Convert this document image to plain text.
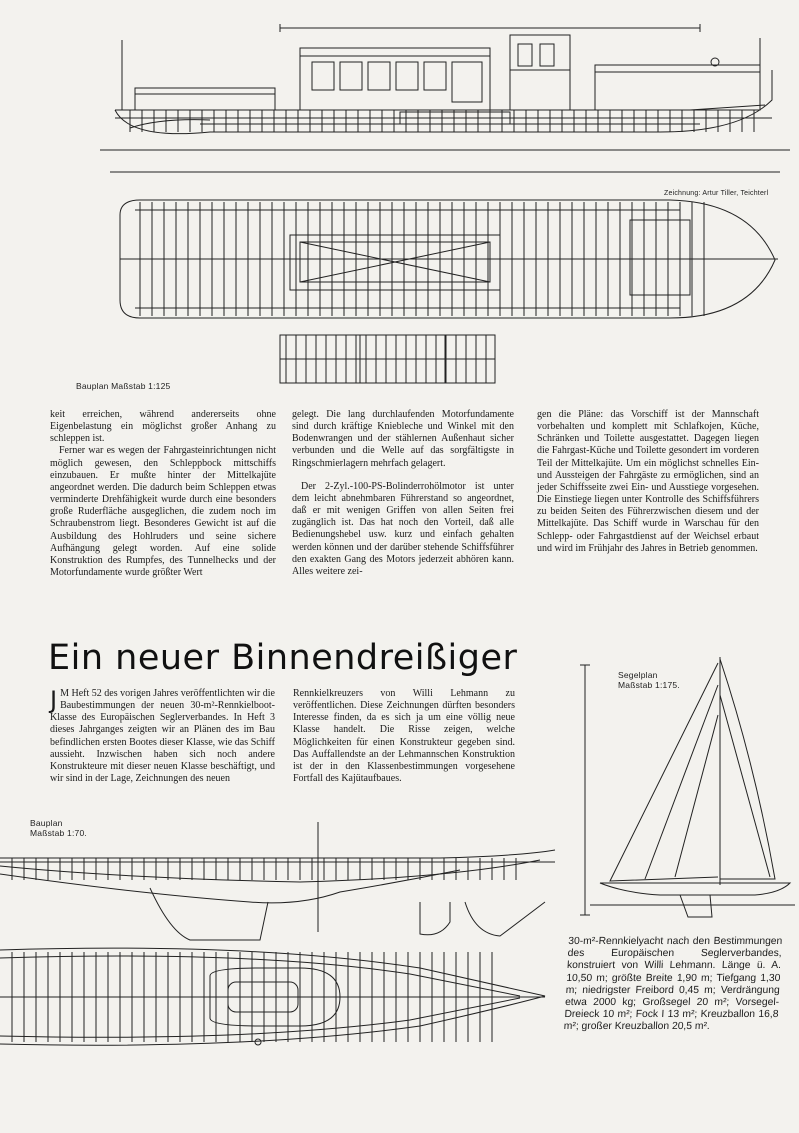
Zeichnung: Artur Tiller, Teichterl
Bauplan Maßstab 1:125

keit erreichen, während andererseits ohne Eigenbelastung ein möglichst großer Anhang zu schleppen ist.

Ferner war es wegen der Fahrgasteinrichtungen nicht möglich gewesen, den Schleppbock mittschiffs einzubauen. Er mußte hinter der Mittelkajüte angeordnet werden. Die dadurch beim Schleppen etwas verminderte Drehfähigkeit wurde durch eine besonders große Ruderfläche ausgeglichen, die zudem noch im Schraubenstrom liegt. Besonderes Gewicht ist auf die Ausbildung des Hohlruders und seine sichere Aufhängung gelegt worden. Auf eine solide Konstruktion des Rumpfes, des Tunnelhecks und der Motorfundamente wurde größter Wert

gelegt. Die lang durchlaufenden Motorfundamente sind durch kräftige Kniebleche und Winkel mit den Bodenwrangen und der stählernen Außenhaut sicher verbunden und die Welle auf das sorgfältigste in Ringschmierlagern mehrfach gelagert.

Der 2-Zyl.-100-PS-Bolinderrohölmotor ist unter dem leicht abnehmbaren Führerstand so angeordnet, daß er mit wenigen Griffen von allen Seiten frei zugänglich ist. Das hat noch den Vorteil, daß alle Bedienungshebel usw. kurz und einfach gehalten werden können und der darüber stehende Schiffsführer den exakten Gang des Motors jederzeit abhören kann. Alles weitere zei-

gen die Pläne: das Vorschiff ist der Mannschaft vorbehalten und komplett mit Schlafkojen, Küche, Schränken und Toilette ausgestattet. Dagegen liegen die Fahrgast-Küche und Toilette gesondert im vorderen Teil der Mittelkajüte. Um ein möglichst schnelles Ein- und Aussteigen der Fahrgäste zu ermöglichen, sind an jeder Schiffsseite zwei Ein- und Ausstiege vorgesehen. Die Einstiege liegen unter Kontrolle des Schiffsführers zu beiden Seiten des Führerzwischen diesem und der Mittelkajüte. Das Schiff wurde in Warschau für den Schlepp- oder Fahrgastdienst auf der Weichsel erbaut und wird im Frühjahr des Jahres in Betrieb genommen.

Ein neuer Binnendreißiger
J M Heft 52 des vorigen Jahres veröffentlichten wir die Baubestimmungen der neuen 30-m²-Rennkielboot-Klasse des Europäischen Seglerverbandes. In Heft 3 dieses Jahrganges zeigten wir an Plänen des im Bau befindlichen ersten Bootes dieser Klasse, wie das Schiff aussieht. Inzwischen haben sich noch andere Konstrukteure mit dieser neuen Klasse beschäftigt, und wir sind in der Lage, Zeichnungen des neuen

Rennkielkreuzers von Willi Lehmann zu veröffentlichen. Diese Zeichnungen dürften besonders Interesse finden, da es sich ja um eine völlig neue Klasse handelt. Die Risse zeigen, welche Möglichkeiten für einen Konstrukteur gegeben sind. Das Auffallendste an der Lehmannschen Konstruktion ist der in den Klassenbestimmungen vorgesehene Fortfall des Kajütaufbaues.

Segelplan
Maßstab 1:175.
Bauplan
Maßstab 1:70.
30-m²-Rennkielyacht nach den Bestimmungen des Europäischen Seglerverbandes, konstruiert von Willi Lehmann. Länge ü. A. 10,50 m; größte Breite 1,90 m; Tiefgang 1,30 m; niedrigster Freibord 0,45 m; Verdrängung etwa 2000 kg; Großsegel 20 m²; Vorsegel-Dreieck 10 m²; Fock I 13 m²; Kreuzballon 16,8 m²; großer Kreuzballon 20,5 m².
